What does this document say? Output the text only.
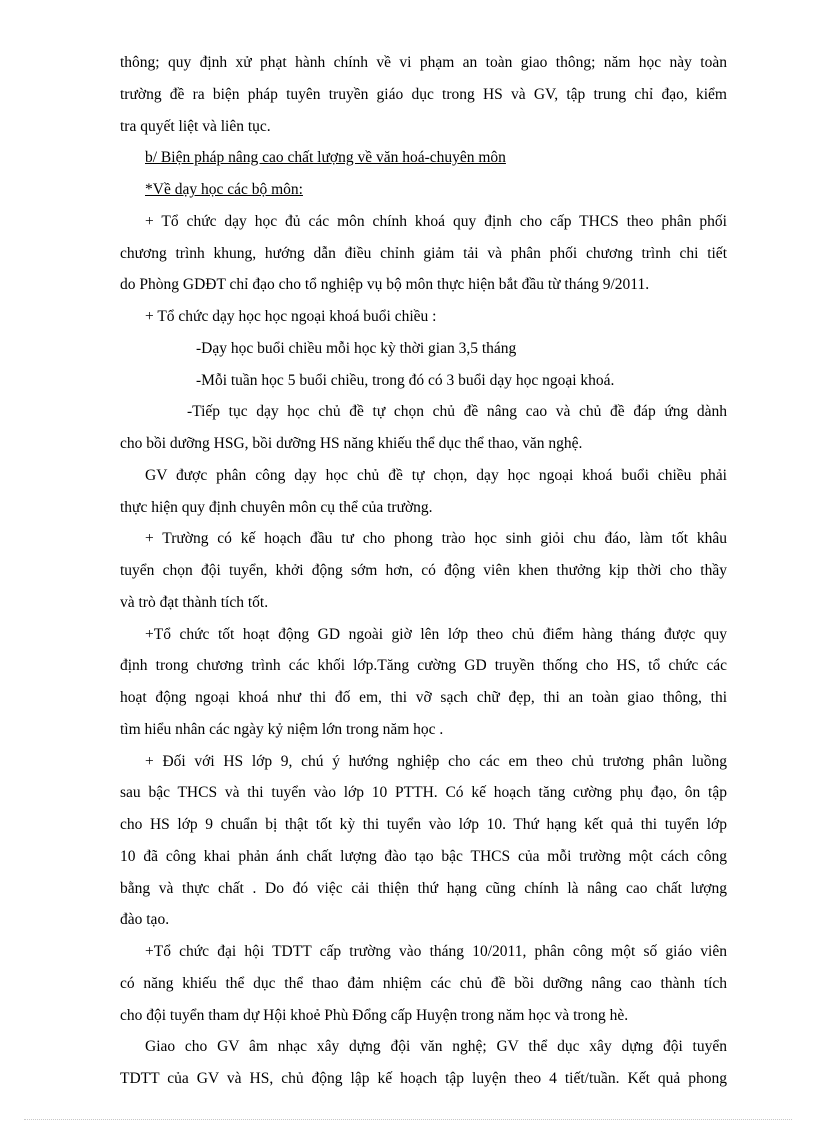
thông; quy định xử phạt hành chính về vi phạm an toàn giao thông; năm học này toàn
trường đề ra biện pháp tuyên truyền giáo dục trong HS và GV, tập trung chỉ đạo, kiểm
tra quyết liệt và liên tục.
b/ Biện pháp nâng cao chất lượng về văn hoá-chuyên môn
*Về dạy học các bộ môn:
+ Tổ chức dạy học đủ các môn chính khoá quy định cho cấp THCS theo phân phối
chương trình khung, hướng dẫn điều chỉnh giảm tải và phân phối chương trình chi tiết
do Phòng GDĐT chỉ đạo cho tổ nghiệp vụ bộ môn thực hiện bắt đầu từ tháng 9/2011.
+ Tổ chức dạy học học ngoại khoá buổi chiều :
-Dạy học buổi chiều mỗi học kỳ thời gian 3,5 tháng
-Mỗi tuần học 5 buổi chiều, trong đó có 3 buổi dạy học ngoại khoá.
-Tiếp tục dạy học chủ đề tự chọn chủ đề nâng cao và chủ đề đáp ứng dành
cho bồi dưỡng HSG, bồi dưỡng HS năng khiếu thể dục thể thao, văn nghệ.
GV được phân công dạy học chủ đề tự chọn, dạy học ngoại khoá buổi chiều phải
thực hiện quy định chuyên môn cụ thể của trường.
+ Trường có kế hoạch đầu tư cho phong trào học sinh giỏi chu đáo, làm tốt khâu
tuyển chọn đội tuyển, khởi động sớm hơn, có động viên khen thưởng kịp thời cho thầy
và trò đạt thành tích tốt.
+Tổ chức tốt hoạt động GD ngoài giờ lên lớp theo chủ điểm hàng tháng được quy
định trong chương trình các khối lớp.Tăng cường GD truyền thống cho HS, tổ chức các
hoạt động ngoại khoá như thi đố em, thi vỡ sạch chữ đẹp, thi an toàn giao thông, thi
tìm hiểu nhân các ngày kỷ niệm lớn trong năm học .
+ Đối với HS lớp 9, chú ý hướng nghiệp cho các em theo chủ trương phân luồng
sau bậc THCS và thi tuyển vào lớp 10 PTTH. Có kế hoạch tăng cường phụ đạo, ôn tập
cho HS lớp 9 chuẩn bị thật tốt kỳ thi tuyển vào lớp 10. Thứ hạng kết quả thi tuyển lớp
10 đã công khai phản ánh chất lượng đào tạo bậc THCS của mỗi trường một cách công
bằng và thực chất . Do đó việc cải thiện thứ hạng cũng chính là nâng cao chất lượng
đào tạo.
+Tổ chức đại hội TDTT cấp trường vào tháng 10/2011, phân công một số giáo viên
có năng khiếu thể dục thể thao đảm nhiệm các chủ đề bồi dưỡng nâng cao thành tích
cho đội tuyển tham dự Hội khoẻ Phù Đổng cấp Huyện trong năm học và trong hè.
Giao cho GV âm nhạc xây dựng đội văn nghệ; GV thể dục xây dựng đội tuyển
TDTT của GV và HS, chủ động lập kế hoạch tập luyện theo 4 tiết/tuần. Kết quả phong
